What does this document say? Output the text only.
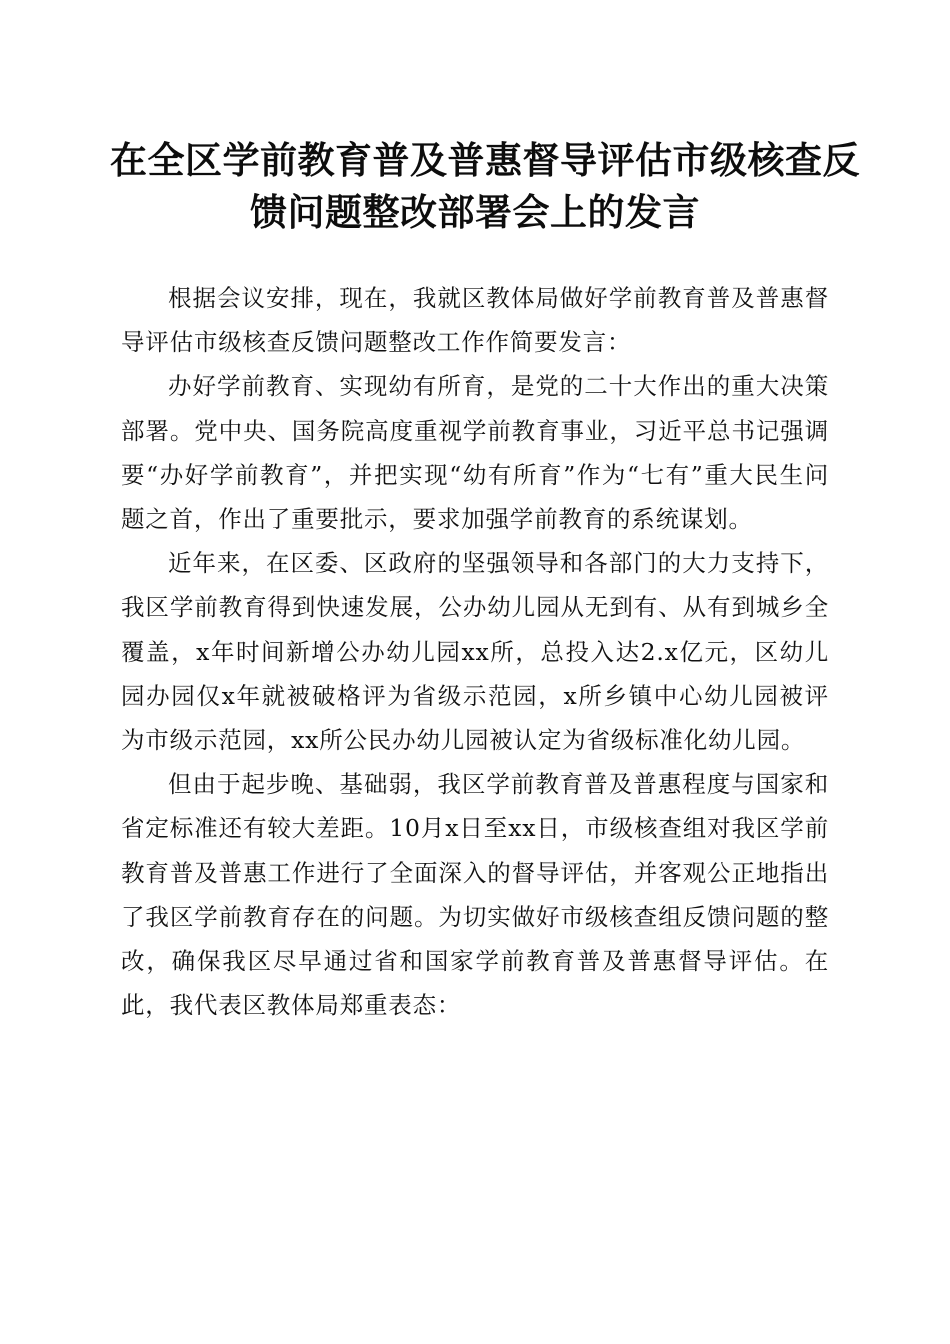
在全区学前教育普及普惠督导评估市级核查反
馈问题整改部署会上的发言

根据会议安排，现在，我就区教体局做好学前教育普及普惠督导评估市级核查反馈问题整改工作作简要发言：

办好学前教育、实现幼有所育，是党的二十大作出的重大决策部署。党中央、国务院高度重视学前教育事业，习近平总书记强调要“办好学前教育”，并把实现“幼有所育”作为“七有”重大民生问题之首，作出了重要批示，要求加强学前教育的系统谋划。

近年来，在区委、区政府的坚强领导和各部门的大力支持下，我区学前教育得到快速发展，公办幼儿园从无到有、从有到城乡全覆盖，x年时间新增公办幼儿园xx所，总投入达2.x亿元，区幼儿园办园仅x年就被破格评为省级示范园，x所乡镇中心幼儿园被评为市级示范园，xx所公民办幼儿园被认定为省级标准化幼儿园。

但由于起步晚、基础弱，我区学前教育普及普惠程度与国家和省定标准还有较大差距。10月x日至xx日，市级核查组对我区学前教育普及普惠工作进行了全面深入的督导评估，并客观公正地指出了我区学前教育存在的问题。为切实做好市级核查组反馈问题的整改，确保我区尽早通过省和国家学前教育普及普惠督导评估。在此，我代表区教体局郑重表态：
